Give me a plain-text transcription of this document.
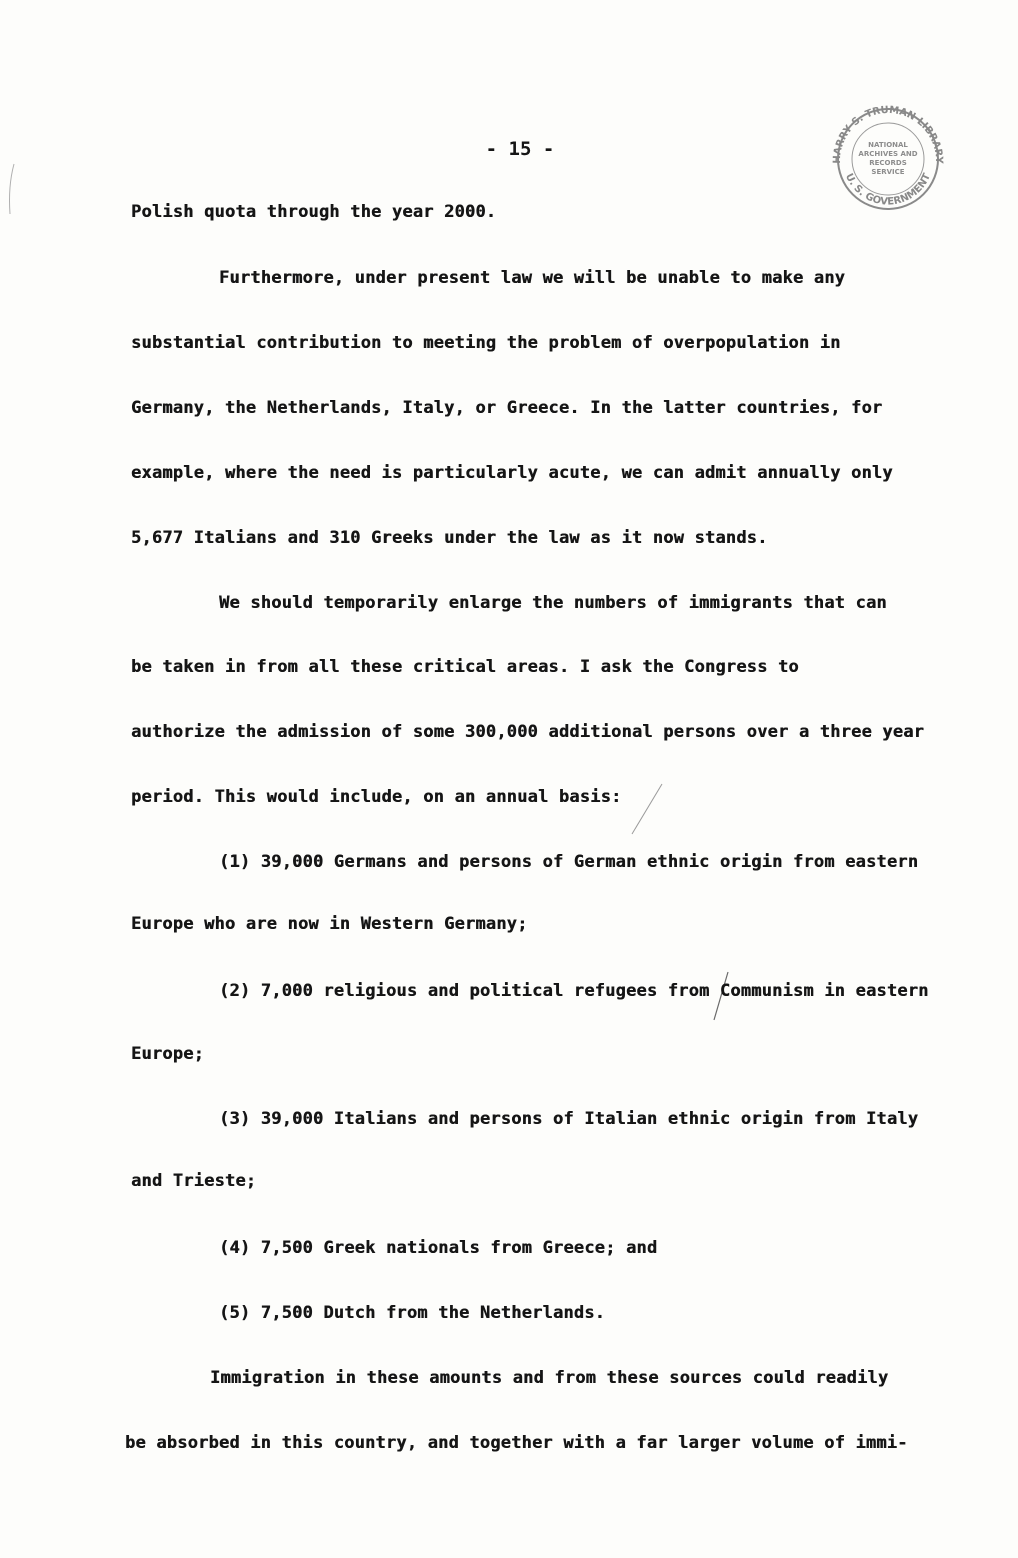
- 15 -	HARRY S. TRUMAN LIBRARY
U. S. GOVERNMENT
NATIONAL
ARCHIVES AND
RECORDS
SERVICE
Polish quota through the year 2000.
Furthermore, under present law we will be unable to make any
substantial contribution to meeting the problem of overpopulation in
Germany, the Netherlands, Italy, or Greece. In the latter countries, for
example, where the need is particularly acute, we can admit annually only
5,677 Italians and 310 Greeks under the law as it now stands.
We should temporarily enlarge the numbers of immigrants that can
be taken in from all these critical areas. I ask the Congress to
authorize the admission of some 300,000 additional persons over a three year
period. This would include, on an annual basis:
(1) 39,000 Germans and persons of German ethnic origin from eastern
Europe who are now in Western Germany;
(2) 7,000 religious and political refugees from Communism in eastern
Europe;
(3) 39,000 Italians and persons of Italian ethnic origin from Italy
and Trieste;
(4) 7,500 Greek nationals from Greece; and
(5) 7,500 Dutch from the Netherlands.
Immigration in these amounts and from these sources could readily
be absorbed in this country, and together with a far larger volume of immi-
